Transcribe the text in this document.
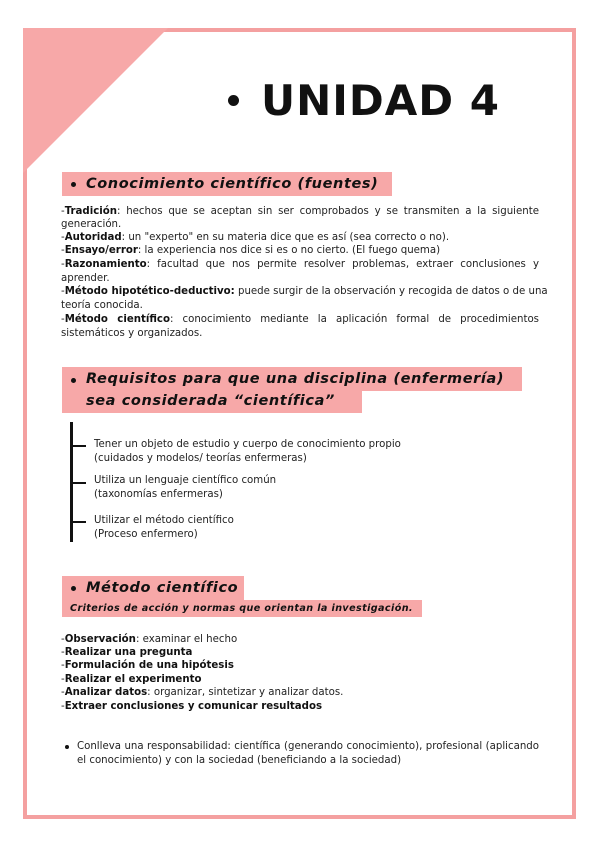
UNIDAD 4
Conocimiento científico (fuentes)
-Tradición: hechos que se aceptan sin ser comprobados y se transmiten a la siguiente
generación.
-Autoridad: un "experto" en su materia dice que es así (sea correcto o no).
-Ensayo/error: la experiencia nos dice si es o no cierto. (El fuego quema)
-Razonamiento: facultad que nos permite resolver problemas, extraer conclusiones y
aprender.
-Método hipotético-deductivo: puede surgir de la observación y recogida de datos o de una
teoría conocida.
-Método científico: conocimiento mediante la aplicación formal de procedimientos
sistemáticos y organizados.
Requisitos para que una disciplina (enfermería)
sea considerada “científica”
Tener un objeto de estudio y cuerpo de conocimiento propio
(cuidados y modelos/ teorías enfermeras)
Utiliza un lenguaje científico común
(taxonomías enfermeras)
Utilizar el método científico
(Proceso enfermero)
Método científico
Criterios de acción y normas que orientan la investigación.
-Observación: examinar el hecho
-Realizar una pregunta
-Formulación de una hipótesis
-Realizar el experimento
-Analizar datos: organizar, sintetizar y analizar datos.
-Extraer conclusiones y comunicar resultados
Conlleva una responsabilidad: científica (generando conocimiento), profesional (aplicando
el conocimiento) y con la sociedad (beneficiando a la sociedad)
